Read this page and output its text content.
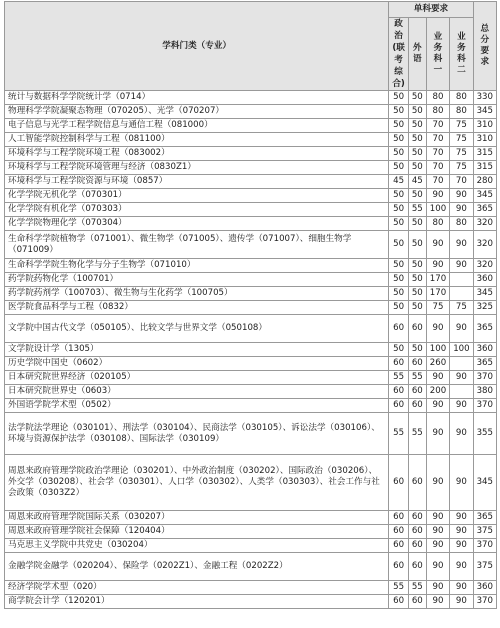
学科门类（专业）	单科要求				总分要求
	政治(联考综合)	外语	业务科一	业务科二	
统计与数据科学学院统计学（0714）	50	50	80	80	330
物理科学学院凝聚态物理（070205）、光学（070207）	50	50	80	80	345
电子信息与光学工程学院信息与通信工程（081000）	50	50	70	75	310
人工智能学院控制科学与工程（081100）	50	50	70	75	310
环境科学与工程学院环境工程（083002）	50	50	70	75	315
环境科学与工程学院环境管理与经济（0830Z1）	50	50	70	75	315
环境科学与工程学院资源与环境（0857）	45	45	70	70	280
化学学院无机化学（070301）	50	50	90	90	345
化学学院有机化学（070303）	50	55	100	90	365
化学学院物理化学（070304）	50	50	80	80	320
生命科学学院植物学（071001）、微生物学（071005）、遗传学（071007）、细胞生物学（071009）	50	50	90	90	320
生命科学学院生物化学与分子生物学（071010）	50	50	90	90	320
药学院药物化学（100701）	50	50	170		360
药学院药剂学（100703）、微生物与生化药学（100705）	50	50	170		345
医学院食品科学与工程（0832）	50	50	75	75	325
文学院中国古代文学（050105）、比较文学与世界文学（050108）	60	60	90	90	365
文学院设计学（1305）	50	50	100	100	360
历史学院中国史（0602）	60	60	260		365
日本研究院世界经济（020105）	55	55	90	90	370
日本研究院世界史（0603）	60	60	200		380
外国语学院学术型（0502）	60	60	90	90	370
法学院法学理论（030101）、刑法学（030104）、民商法学（030105）、诉讼法学（030106）、环境与资源保护法学（030108）、国际法学（030109）	55	55	90	90	355
周恩来政府管理学院政治学理论（030201）、中外政治制度（030202）、国际政治（030206）、外交学（030208）、社会学（030301）、人口学（030302）、人类学（030303）、社会工作与社会政策（0303Z2）	60	60	90	90	345
周恩来政府管理学院国际关系（030207）	60	60	90	90	365
周恩来政府管理学院社会保障（120404）	60	60	90	90	375
马克思主义学院中共党史（030204）	60	60	90	90	370
金融学院金融学（020204）、保险学（0202Z1）、金融工程（0202Z2）	60	60	90	90	375
经济学院学术型（020）	55	55	90	90	360
商学院会计学（120201）	60	60	90	90	370
